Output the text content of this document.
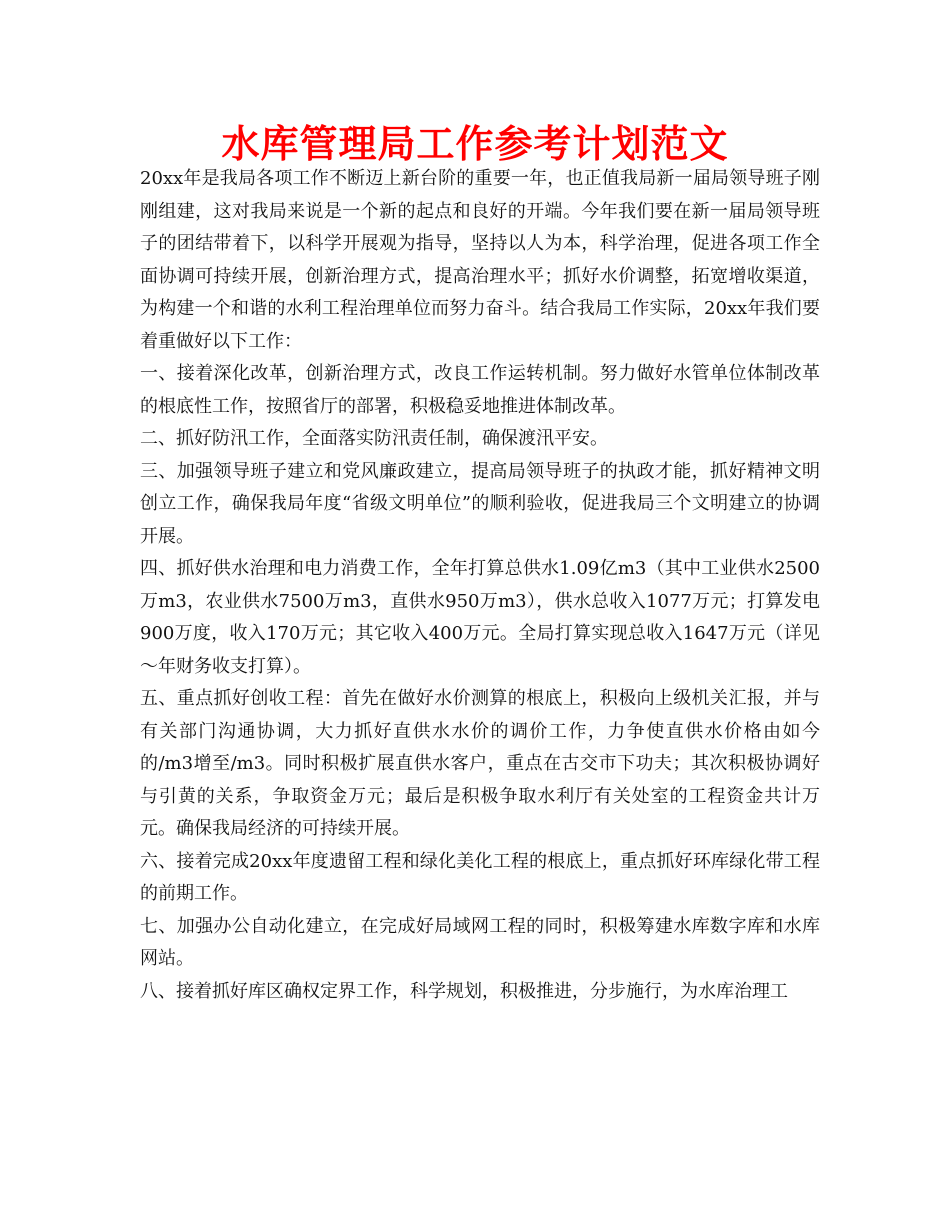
水库管理局工作参考计划范文

20xx年是我局各项工作不断迈上新台阶的重要一年，也正值我局新一届局领导班子刚刚组建，这对我局来说是一个新的起点和良好的开端。今年我们要在新一届局领导班子的团结带着下，以科学开展观为指导，坚持以人为本，科学治理，促进各项工作全面协调可持续开展，创新治理方式，提高治理水平；抓好水价调整，拓宽增收渠道，为构建一个和谐的水利工程治理单位而努力奋斗。结合我局工作实际，20xx年我们要着重做好以下工作：

一、接着深化改革，创新治理方式，改良工作运转机制。努力做好水管单位体制改革的根底性工作，按照省厅的部署，积极稳妥地推进体制改革。

二、抓好防汛工作，全面落实防汛责任制，确保渡汛平安。

三、加强领导班子建立和党风廉政建立，提高局领导班子的执政才能，抓好精神文明创立工作，确保我局年度“省级文明单位”的顺利验收，促进我局三个文明建立的协调开展。

四、抓好供水治理和电力消费工作，全年打算总供水1.09亿m3（其中工业供水2500万m3，农业供水7500万m3，直供水950万m3），供水总收入1077万元；打算发电900万度，收入170万元；其它收入400万元。全局打算实现总收入1647万元（详见～年财务收支打算）。

五、重点抓好创收工程：首先在做好水价测算的根底上，积极向上级机关汇报，并与有关部门沟通协调，大力抓好直供水水价的调价工作，力争使直供水价格由如今的/m3增至/m3。同时积极扩展直供水客户，重点在古交市下功夫；其次积极协调好与引黄的关系，争取资金万元；最后是积极争取水利厅有关处室的工程资金共计万元。确保我局经济的可持续开展。

六、接着完成20xx年度遗留工程和绿化美化工程的根底上，重点抓好环库绿化带工程的前期工作。

七、加强办公自动化建立，在完成好局域网工程的同时，积极筹建水库数字库和水库网站。

八、接着抓好库区确权定界工作，科学规划，积极推进，分步施行，为水库治理工
